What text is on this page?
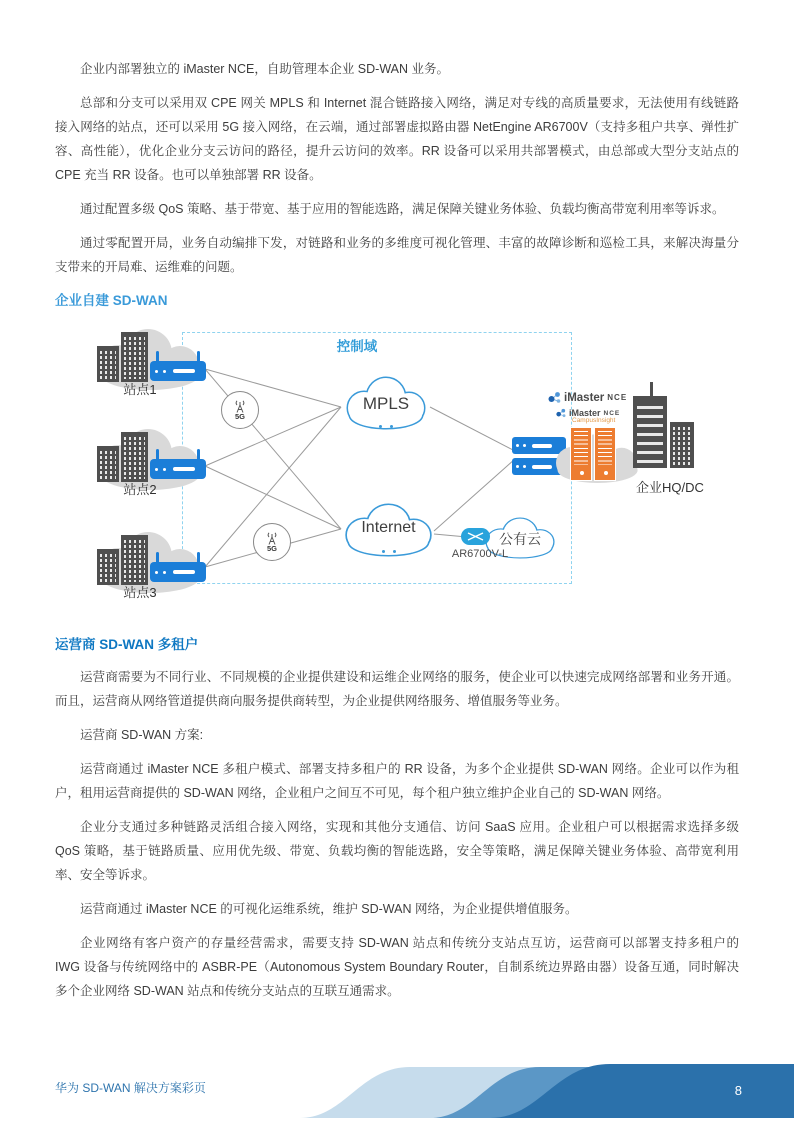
企业内部署独立的 iMaster NCE，自助管理本企业 SD-WAN 业务。

总部和分支可以采用双 CPE 网关 MPLS 和 Internet 混合链路接入网络，满足对专线的高质量要求，无法使用有线链路接入网络的站点，还可以采用 5G 接入网络，在云端，通过部署虚拟路由器 NetEngine AR6700V（支持多租户共享、弹性扩容、高性能），优化企业分支云访问的路径，提升云访问的效率。RR 设备可以采用共部署模式，由总部或大型分支站点的 CPE 充当 RR 设备。也可以单独部署 RR 设备。

通过配置多级 QoS 策略、基于带宽、基于应用的智能选路，满足保障关键业务体验、负载均衡高带宽利用率等诉求。

通过零配置开局，业务自动编排下发，对链路和业务的多维度可视化管理、丰富的故障诊断和巡检工具，来解决海量分支带来的开局难、运维难的问题。

企业自建 SD-WAN
控制域
站点1
站点2
站点3
5G
5G
MPLS
Internet
公有云
AR6700V-L
企业HQ/DC
iMaster NCE
iMaster NCE
CampusInsight
运营商 SD-WAN 多租户

运营商需要为不同行业、不同规模的企业提供建设和运维企业网络的服务，使企业可以快速完成网络部署和业务开通。而且，运营商从网络管道提供商向服务提供商转型，为企业提供网络服务、增值服务等业务。

运营商 SD-WAN 方案:

运营商通过 iMaster NCE 多租户模式、部署支持多租户的 RR 设备，为多个企业提供 SD-WAN 网络。企业可以作为租户，租用运营商提供的 SD-WAN 网络，企业租户之间互不可见，每个租户独立维护企业自己的 SD-WAN 网络。

企业分支通过多种链路灵活组合接入网络，实现和其他分支通信、访问 SaaS 应用。企业租户可以根据需求选择多级 QoS 策略，基于链路质量、应用优先级、带宽、负载均衡的智能选路，安全等策略，满足保障关键业务体验、高带宽利用率、安全等诉求。

运营商通过 iMaster NCE 的可视化运维系统，维护 SD-WAN 网络，为企业提供增值服务。

企业网络有客户资产的存量经营需求，需要支持 SD-WAN 站点和传统分支站点互访，运营商可以部署支持多租户的 IWG 设备与传统网络中的 ASBR-PE（Autonomous System Boundary Router，自制系统边界路由器）设备互通，同时解决多个企业网络 SD-WAN 站点和传统分支站点的互联互通需求。

华为 SD-WAN 解决方案彩页	8
